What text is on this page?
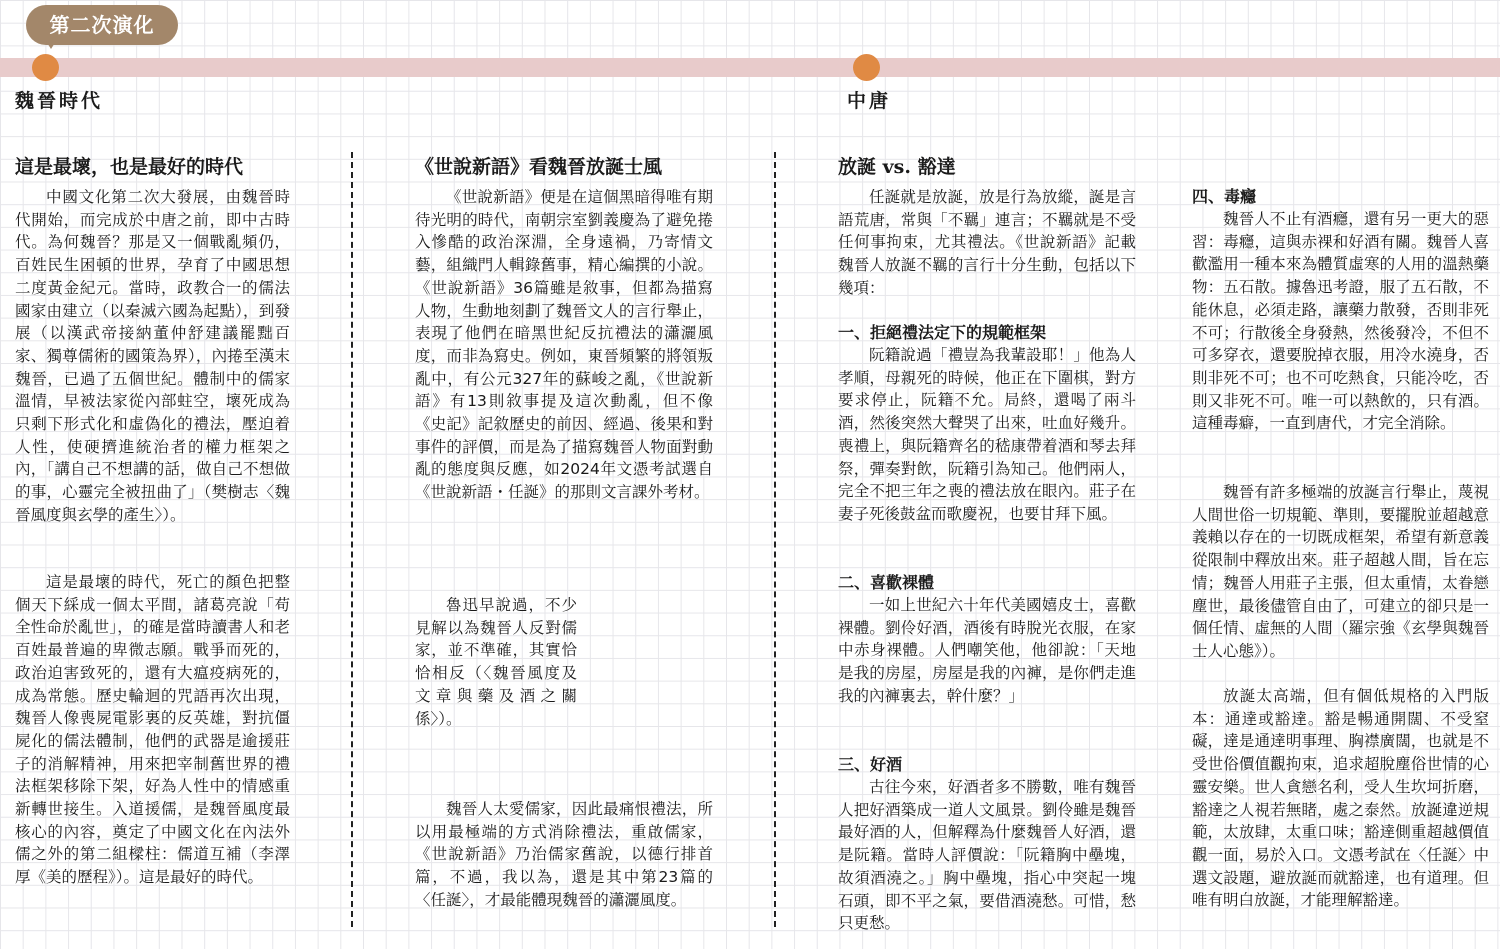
第二次演化
魏晉時代	中唐
這是最壞，也是最好的時代

中國文化第二次大發展，由魏晉時代開始，而完成於中唐之前，即中古時代。為何魏晉？那是又一個戰亂頻仍，百姓民生困頓的世界，孕育了中國思想二度黃金紀元。當時，政教合一的儒法國家由建立（以秦滅六國為起點），到發展（以漢武帝接納董仲舒建議罷黜百家、獨尊儒術的國策為界），內捲至漢末魏晉，已過了五個世紀。體制中的儒家溫情，早被法家從內部蛀空，壞死成為只剩下形式化和虛偽化的禮法，壓迫着人性，使硬擠進統治者的權力框架之內，「講自己不想講的話，做自己不想做的事，心靈完全被扭曲了」（樊樹志〈魏晉風度與玄學的產生〉）。

這是最壞的時代，死亡的顏色把整個天下綵成一個太平間，諸葛亮說「苟全性命於亂世」，的確是當時讀書人和老百姓最普遍的卑微志願。戰爭而死的，政治迫害致死的，還有大瘟疫病死的，成為常態。歷史輪迴的咒語再次出現，魏晉人像喪屍電影裏的反英雄，對抗僵屍化的儒法體制，他們的武器是逾援莊子的消解精神，用來把宰制舊世界的禮法框架移除下架，好為人性中的情感重新轉世接生。入道援儒，是魏晉風度最核心的內容，奠定了中國文化在內法外儒之外的第二組樑柱：儒道互補（李澤厚《美的歷程》）。這是最好的時代。

《世說新語》看魏晉放誕士風

《世說新語》便是在這個黑暗得唯有期待光明的時代，南朝宗室劉義慶為了避免捲入慘酷的政治深淵，全身遠禍，乃寄情文藝，組織門人輯錄舊事，精心編撰的小說。《世說新語》36篇雖是敘事，但都為描寫人物，生動地刻劃了魏晉文人的言行舉止，表現了他們在暗黑世紀反抗禮法的瀟灑風度，而非為寫史。例如，東晉頻繁的將領叛亂中，有公元327年的蘇峻之亂，《世說新語》有13則敘事提及這次動亂，但不像《史記》記敘歷史的前因、經過、後果和對事件的評價，而是為了描寫魏晉人物面對動亂的態度與反應，如2024年文憑考試選自《世說新語・任誕》的那則文言課外考材。

魯迅早說過，不少見解以為魏晉人反對儒家，並不準確，其實恰恰相反（〈魏晉風度及文章與藥及酒之關係〉）。

魏晉人太愛儒家，因此最痛恨禮法，所以用最極端的方式消除禮法，重啟儒家，《世說新語》乃治儒家舊說，以德行排首篇，不過，我以為，還是其中第23篇的〈任誕〉，才最能體現魏晉的瀟灑風度。

放誕 vs. 豁達

任誕就是放誕，放是行為放縱，誕是言語荒唐，常與「不羈」連言；不羈就是不受任何事拘束，尤其禮法。《世說新語》記載魏晉人放誕不羈的言行十分生動，包括以下幾項：

一、拒絕禮法定下的規範框架

阮籍說過「禮豈為我輩設耶！」他為人孝順，母親死的時候，他正在下圍棋，對方要求停止，阮籍不允。局終，還喝了兩斗酒，然後突然大聲哭了出來，吐血好幾升。喪禮上，與阮籍齊名的嵇康帶着酒和琴去拜祭，彈奏對飲，阮籍引為知己。他們兩人，完全不把三年之喪的禮法放在眼內。莊子在妻子死後鼓盆而歌慶祝，也要甘拜下風。

二、喜歡裸體

一如上世紀六十年代美國嬉皮士，喜歡裸體。劉伶好酒，酒後有時脫光衣服，在家中赤身裸體。人們嘲笑他，他卻說：「天地是我的房屋，房屋是我的內褲，是你們走進我的內褲裏去，幹什麼？」

三、好酒

古往今來，好酒者多不勝數，唯有魏晉人把好酒築成一道人文風景。劉伶雖是魏晉最好酒的人，但解釋為什麼魏晉人好酒，還是阮籍。當時人評價說：「阮籍胸中壘塊，故須酒澆之。」胸中壘塊，指心中突起一塊石頭，即不平之氣，要借酒澆愁。可惜，愁只更愁。

四、毒癮

魏晉人不止有酒癮，還有另一更大的惡習：毒癮，這與赤裸和好酒有關。魏晉人喜歡濫用一種本來為體質虛寒的人用的溫熱藥物：五石散。據魯迅考證，服了五石散，不能休息，必須走路，讓藥力散發，否則非死不可；行散後全身發熱，然後發冷，不但不可多穿衣，還要脫掉衣服，用冷水澆身，否則非死不可；也不可吃熱食，只能冷吃，否則又非死不可。唯一可以熱飲的，只有酒。這種毒癖，一直到唐代，才完全消除。

魏晉有許多極端的放誕言行舉止，蔑視人間世俗一切規範、準則，要擺脫並超越意義賴以存在的一切既成框架，希望有新意義從限制中釋放出來。莊子超越人間，旨在忘情；魏晉人用莊子主張，但太重情，太眷戀塵世，最後儘管自由了，可建立的卻只是一個任情、虛無的人間（羅宗強《玄學與魏晉士人心態》）。

放誕太高端，但有個低規格的入門版本：通達或豁達。豁是暢通開闊、不受窒礙，達是通達明事理、胸襟廣闊，也就是不受世俗價值觀拘束，追求超脫塵俗世情的心靈安樂。世人貪戀名利，受人生坎坷折磨，豁達之人視若無睹，處之泰然。放誕違逆規範，太放肆，太重口味；豁達側重超越價值觀一面，易於入口。文憑考試在〈任誕〉中選文設題，避放誕而就豁達，也有道理。但唯有明白放誕，才能理解豁達。
